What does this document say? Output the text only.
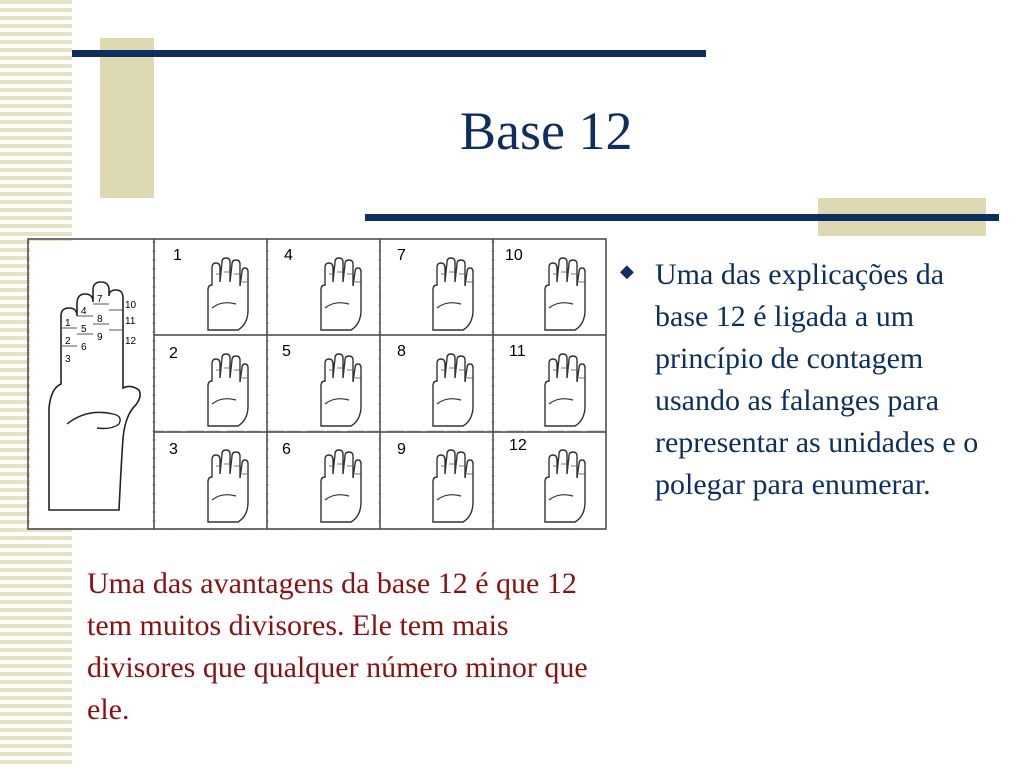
Base 12
1
2
3
4
5
6
7
8
9
10
11
12
1	4	7	10
2	5	8	11
3	6	9	12
◆ Uma das explicações da base 12 é ligada a um princípio de contagem usando as falanges para representar as unidades e o polegar para enumerar.
Uma das avantagens da base 12 é que 12 tem muitos divisores. Ele tem mais divisores que qualquer número minor que ele.
